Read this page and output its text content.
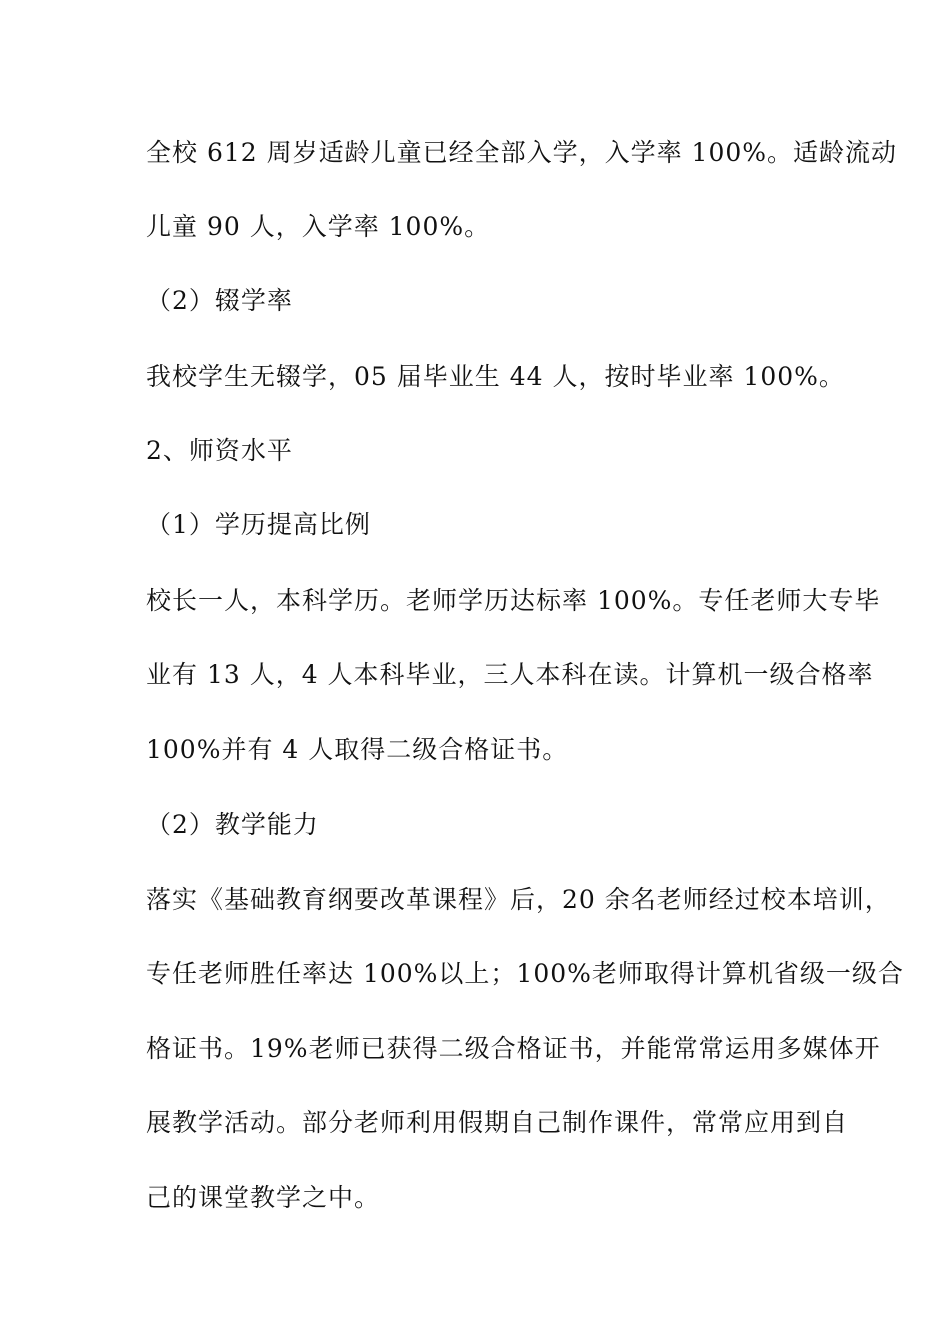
全校 612 周岁适龄儿童已经全部入学，入学率 100%。适龄流动
儿童 90 人，入学率 100%。
（2）辍学率
我校学生无辍学，05 届毕业生 44 人，按时毕业率 100%。
2、师资水平
（1）学历提高比例
校长一人，本科学历。老师学历达标率 100%。专任老师大专毕
业有 13 人，4 人本科毕业，三人本科在读。计算机一级合格率
100%并有 4 人取得二级合格证书。
（2）教学能力
落实《基础教育纲要改革课程》后，20 余名老师经过校本培训，
专任老师胜任率达 100%以上；100%老师取得计算机省级一级合
格证书。19%老师已获得二级合格证书，并能常常运用多媒体开
展教学活动。部分老师利用假期自己制作课件，常常应用到自
己的课堂教学之中。
